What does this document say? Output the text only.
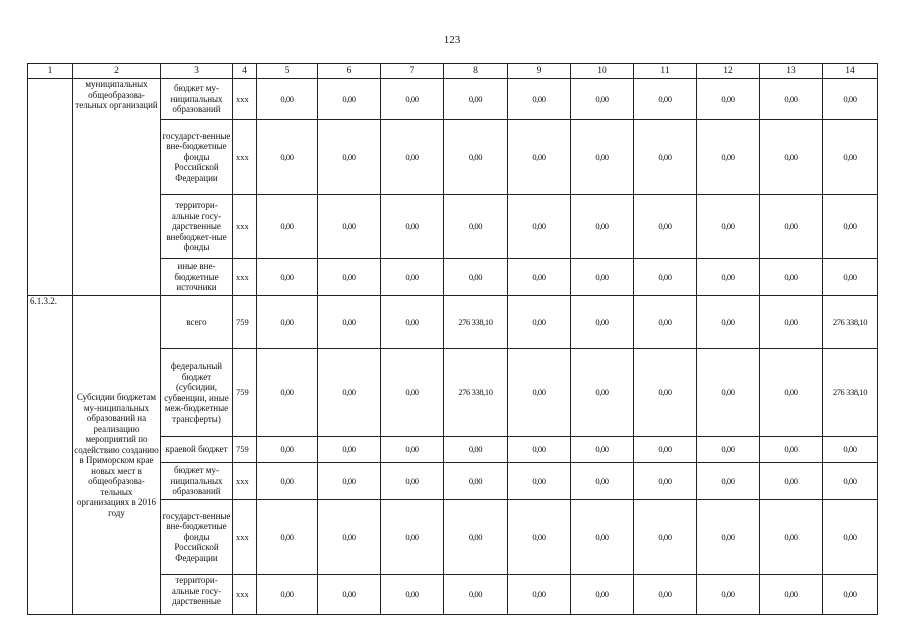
123
1	2	3	4	5	6	7	8	9	10	11	12	13	14
	муниципальных общеобразова-тельных организаций	бюджет му-ниципальных образований	ххх	0,00	0,00	0,00	0,00	0,00	0,00	0,00	0,00	0,00	0,00
		государст-венные вне-бюджетные фонды Российской Федерации	ххх	0,00	0,00	0,00	0,00	0,00	0,00	0,00	0,00	0,00	0,00
		территори-альные госу-дарственные внебюджет-ные фонды	ххх	0,00	0,00	0,00	0,00	0,00	0,00	0,00	0,00	0,00	0,00
		иные вне-бюджетные источники	ххх	0,00	0,00	0,00	0,00	0,00	0,00	0,00	0,00	0,00	0,00
6.1.3.2.	Субсидии бюджетам му-ниципальных образований на реализацию мероприятий по содействию созданию в Приморском крае новых мест в общеобразова-тельных организациях в 2016 году	всего	759	0,00	0,00	0,00	276 338,10	0,00	0,00	0,00	0,00	0,00	276 338,10
		федеральный бюджет (субсидии, субвенции, иные меж-бюджетные трансферты)	759	0,00	0,00	0,00	276 338,10	0,00	0,00	0,00	0,00	0,00	276 338,10
		краевой бюджет	759	0,00	0,00	0,00	0,00	0,00	0,00	0,00	0,00	0,00	0,00
		бюджет му-ниципальных образований	ххх	0,00	0,00	0,00	0,00	0,00	0,00	0,00	0,00	0,00	0,00
		государст-венные вне-бюджетные фонды Российской Федерации	ххх	0,00	0,00	0,00	0,00	0,00	0,00	0,00	0,00	0,00	0,00
		территори-альные госу-дарственные	ххх	0,00	0,00	0,00	0,00	0,00	0,00	0,00	0,00	0,00	0,00
